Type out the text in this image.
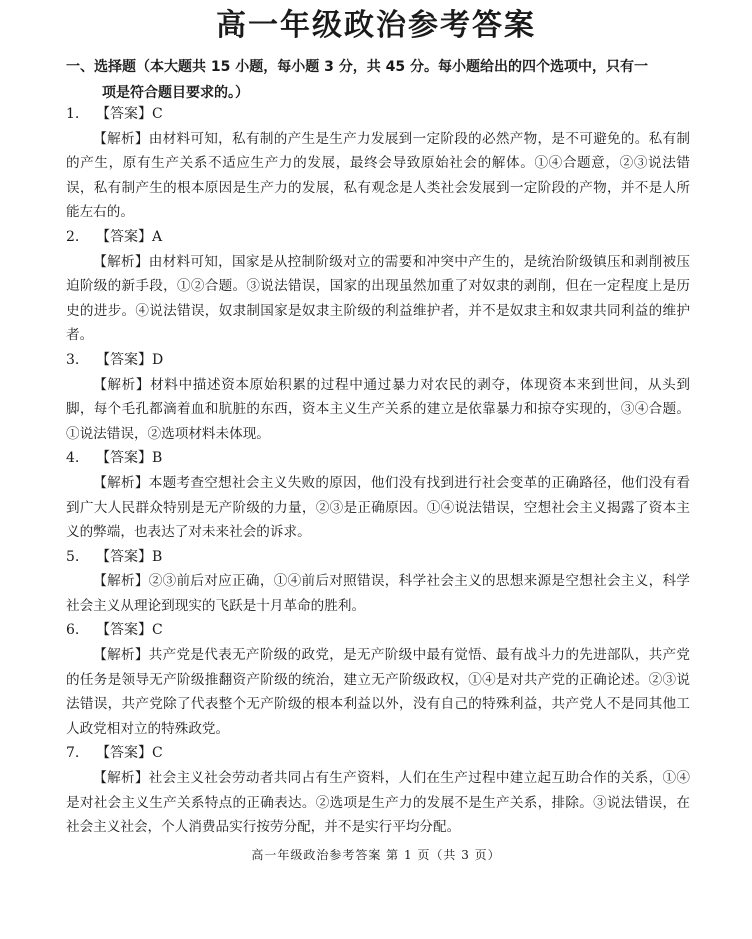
高一年级政治参考答案
一、选择题（本大题共 15 小题，每小题 3 分，共 45 分。每小题给出的四个选项中，只有一
项是符合题目要求的。）
1. 【答案】C

【解析】由材料可知，私有制的产生是生产力发展到一定阶段的必然产物，是不可避免的。私有制的产生，原有生产关系不适应生产力的发展，最终会导致原始社会的解体。①④合题意，②③说法错误，私有制产生的根本原因是生产力的发展，私有观念是人类社会发展到一定阶段的产物，并不是人所能左右的。

2. 【答案】A

【解析】由材料可知，国家是从控制阶级对立的需要和冲突中产生的，是统治阶级镇压和剥削被压迫阶级的新手段，①②合题。③说法错误，国家的出现虽然加重了对奴隶的剥削，但在一定程度上是历史的进步。④说法错误，奴隶制国家是奴隶主阶级的利益维护者，并不是奴隶主和奴隶共同利益的维护者。

3. 【答案】D

【解析】材料中描述资本原始积累的过程中通过暴力对农民的剥夺，体现资本来到世间，从头到脚，每个毛孔都滴着血和肮脏的东西，资本主义生产关系的建立是依靠暴力和掠夺实现的，③④合题。①说法错误，②选项材料未体现。

4. 【答案】B

【解析】本题考查空想社会主义失败的原因，他们没有找到进行社会变革的正确路径，他们没有看到广大人民群众特别是无产阶级的力量，②③是正确原因。①④说法错误，空想社会主义揭露了资本主义的弊端，也表达了对未来社会的诉求。

5. 【答案】B

【解析】②③前后对应正确，①④前后对照错误，科学社会主义的思想来源是空想社会主义，科学社会主义从理论到现实的飞跃是十月革命的胜利。

6. 【答案】C

【解析】共产党是代表无产阶级的政党，是无产阶级中最有觉悟、最有战斗力的先进部队，共产党的任务是领导无产阶级推翻资产阶级的统治，建立无产阶级政权，①④是对共产党的正确论述。②③说法错误，共产党除了代表整个无产阶级的根本利益以外，没有自己的特殊利益，共产党人不是同其他工人政党相对立的特殊政党。

7. 【答案】C

【解析】社会主义社会劳动者共同占有生产资料，人们在生产过程中建立起互助合作的关系，①④是对社会主义生产关系特点的正确表达。②选项是生产力的发展不是生产关系，排除。③说法错误，在社会主义社会，个人消费品实行按劳分配，并不是实行平均分配。

高一年级政治参考答案 第 1 页（共 3 页）
